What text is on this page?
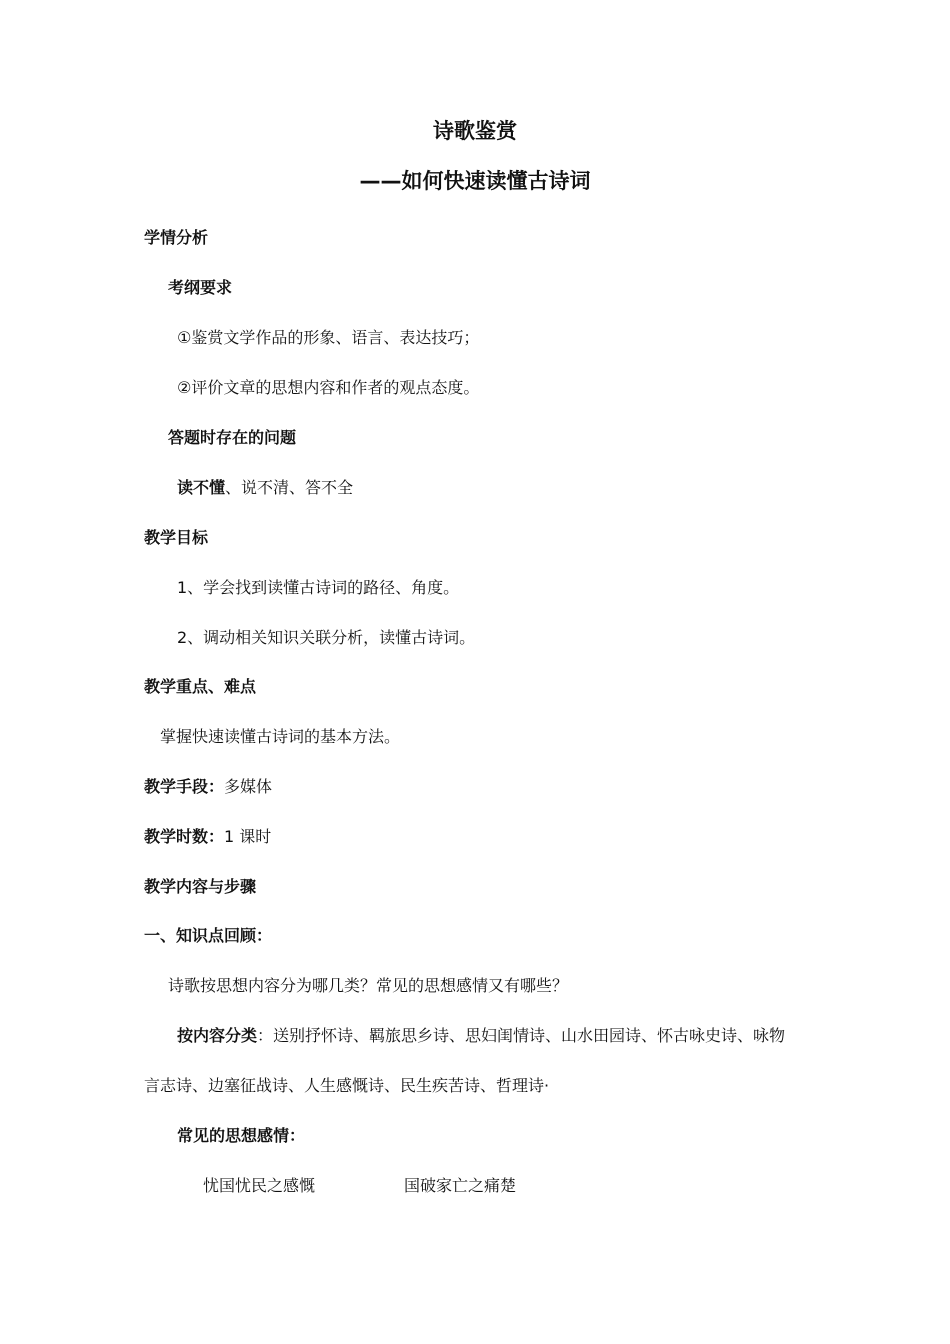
诗歌鉴赏
——如何快速读懂古诗词
学情分析
考纲要求
①鉴赏文学作品的形象、语言、表达技巧；
②评价文章的思想内容和作者的观点态度。
答题时存在的问题
读不懂、说不清、答不全
教学目标
1、学会找到读懂古诗词的路径、角度。
2、调动相关知识关联分析，读懂古诗词。
教学重点、难点
掌握快速读懂古诗词的基本方法。
教学手段：多媒体
教学时数：1 课时
教学内容与步骤
一、知识点回顾：
诗歌按思想内容分为哪几类？常见的思想感情又有哪些？
按内容分类：送别抒怀诗、羁旅思乡诗、思妇闺情诗、山水田园诗、怀古咏史诗、咏物
言志诗、边塞征战诗、人生感慨诗、民生疾苦诗、哲理诗·
常见的思想感情：
忧国忧民之感慨	国破家亡之痛楚
